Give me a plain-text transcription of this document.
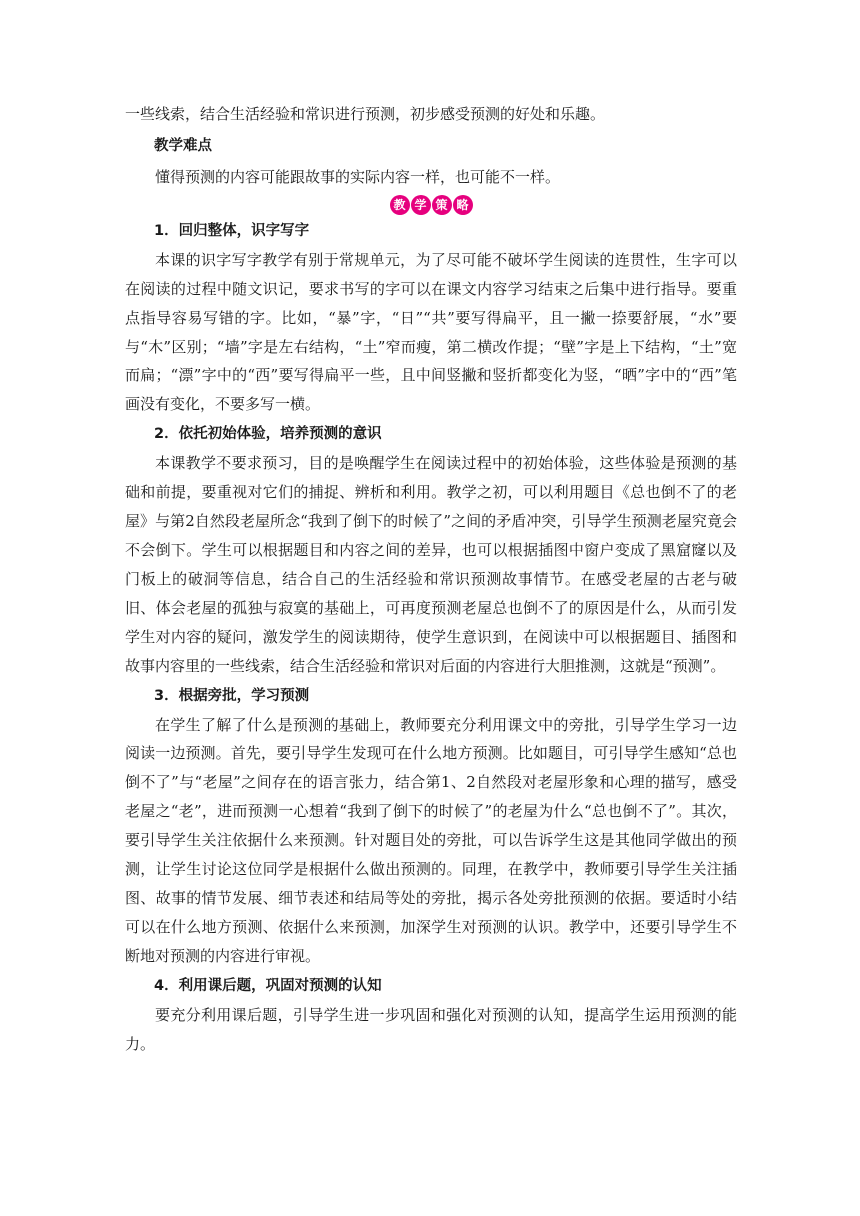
一些线索，结合生活经验和常识进行预测，初步感受预测的好处和乐趣。

教学难点

懂得预测的内容可能跟故事的实际内容一样，也可能不一样。

教 学 策 略

1．回归整体，识字写字

本课的识字写字教学有别于常规单元，为了尽可能不破坏学生阅读的连贯性，生字可以在阅读的过程中随文识记，要求书写的字可以在课文内容学习结束之后集中进行指导。要重点指导容易写错的字。比如，“暴”字，“日”“共”要写得扁平，且一撇一捺要舒展，“水”要与“木”区别；“墙”字是左右结构，“土”窄而瘦，第二横改作提；“壁”字是上下结构，“土”宽而扁；“漂”字中的“西”要写得扁平一些，且中间竖撇和竖折都变化为竖，“晒”字中的“西”笔画没有变化，不要多写一横。

2．依托初始体验，培养预测的意识

本课教学不要求预习，目的是唤醒学生在阅读过程中的初始体验，这些体验是预测的基础和前提，要重视对它们的捕捉、辨析和利用。教学之初，可以利用题目《总也倒不了的老屋》与第2自然段老屋所念“我到了倒下的时候了”之间的矛盾冲突，引导学生预测老屋究竟会不会倒下。学生可以根据题目和内容之间的差异，也可以根据插图中窗户变成了黑窟窿以及门板上的破洞等信息，结合自己的生活经验和常识预测故事情节。在感受老屋的古老与破旧、体会老屋的孤独与寂寞的基础上，可再度预测老屋总也倒不了的原因是什么，从而引发学生对内容的疑问，激发学生的阅读期待，使学生意识到，在阅读中可以根据题目、插图和故事内容里的一些线索，结合生活经验和常识对后面的内容进行大胆推测，这就是“预测”。

3．根据旁批，学习预测

在学生了解了什么是预测的基础上，教师要充分利用课文中的旁批，引导学生学习一边阅读一边预测。首先，要引导学生发现可在什么地方预测。比如题目，可引导学生感知“总也倒不了”与“老屋”之间存在的语言张力，结合第1、2自然段对老屋形象和心理的描写，感受老屋之“老”，进而预测一心想着“我到了倒下的时候了”的老屋为什么“总也倒不了”。其次，要引导学生关注依据什么来预测。针对题目处的旁批，可以告诉学生这是其他同学做出的预测，让学生讨论这位同学是根据什么做出预测的。同理，在教学中，教师要引导学生关注插图、故事的情节发展、细节表述和结局等处的旁批，揭示各处旁批预测的依据。要适时小结可以在什么地方预测、依据什么来预测，加深学生对预测的认识。教学中，还要引导学生不断地对预测的内容进行审视。

4．利用课后题，巩固对预测的认知

要充分利用课后题，引导学生进一步巩固和强化对预测的认知，提高学生运用预测的能力。
